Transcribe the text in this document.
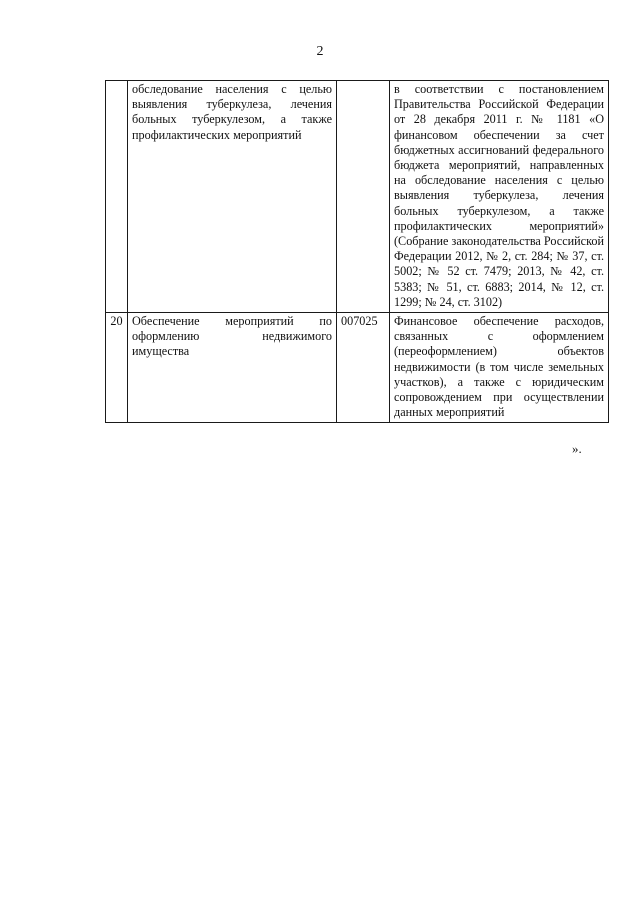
2
	обследование населения с целью выявления туберкулеза, лечения больных туберкулезом, а также профилактических мероприятий		в соответствии с постановлением Правительства Российской Федерации от 28 декабря 2011 г. № 1181 «О финансовом обеспечении за счет бюджетных ассигнований федерального бюджета мероприятий, направленных на обследование населения с целью выявления туберкулеза, лечения больных туберкулезом, а также профилактических мероприятий» (Собрание законодательства Российской Федерации 2012, № 2, ст. 284; № 37, ст. 5002; № 52 ст. 7479; 2013, № 42, ст. 5383; № 51, ст. 6883; 2014, № 12, ст. 1299; № 24, ст. 3102)
20	Обеспечение мероприятий по оформлению недвижимого имущества	007025	Финансовое обеспечение расходов, связанных с оформлением (переоформлением) объектов недвижимости (в том числе земельных участков), а также с юридическим сопровождением при осуществлении данных мероприятий
».
